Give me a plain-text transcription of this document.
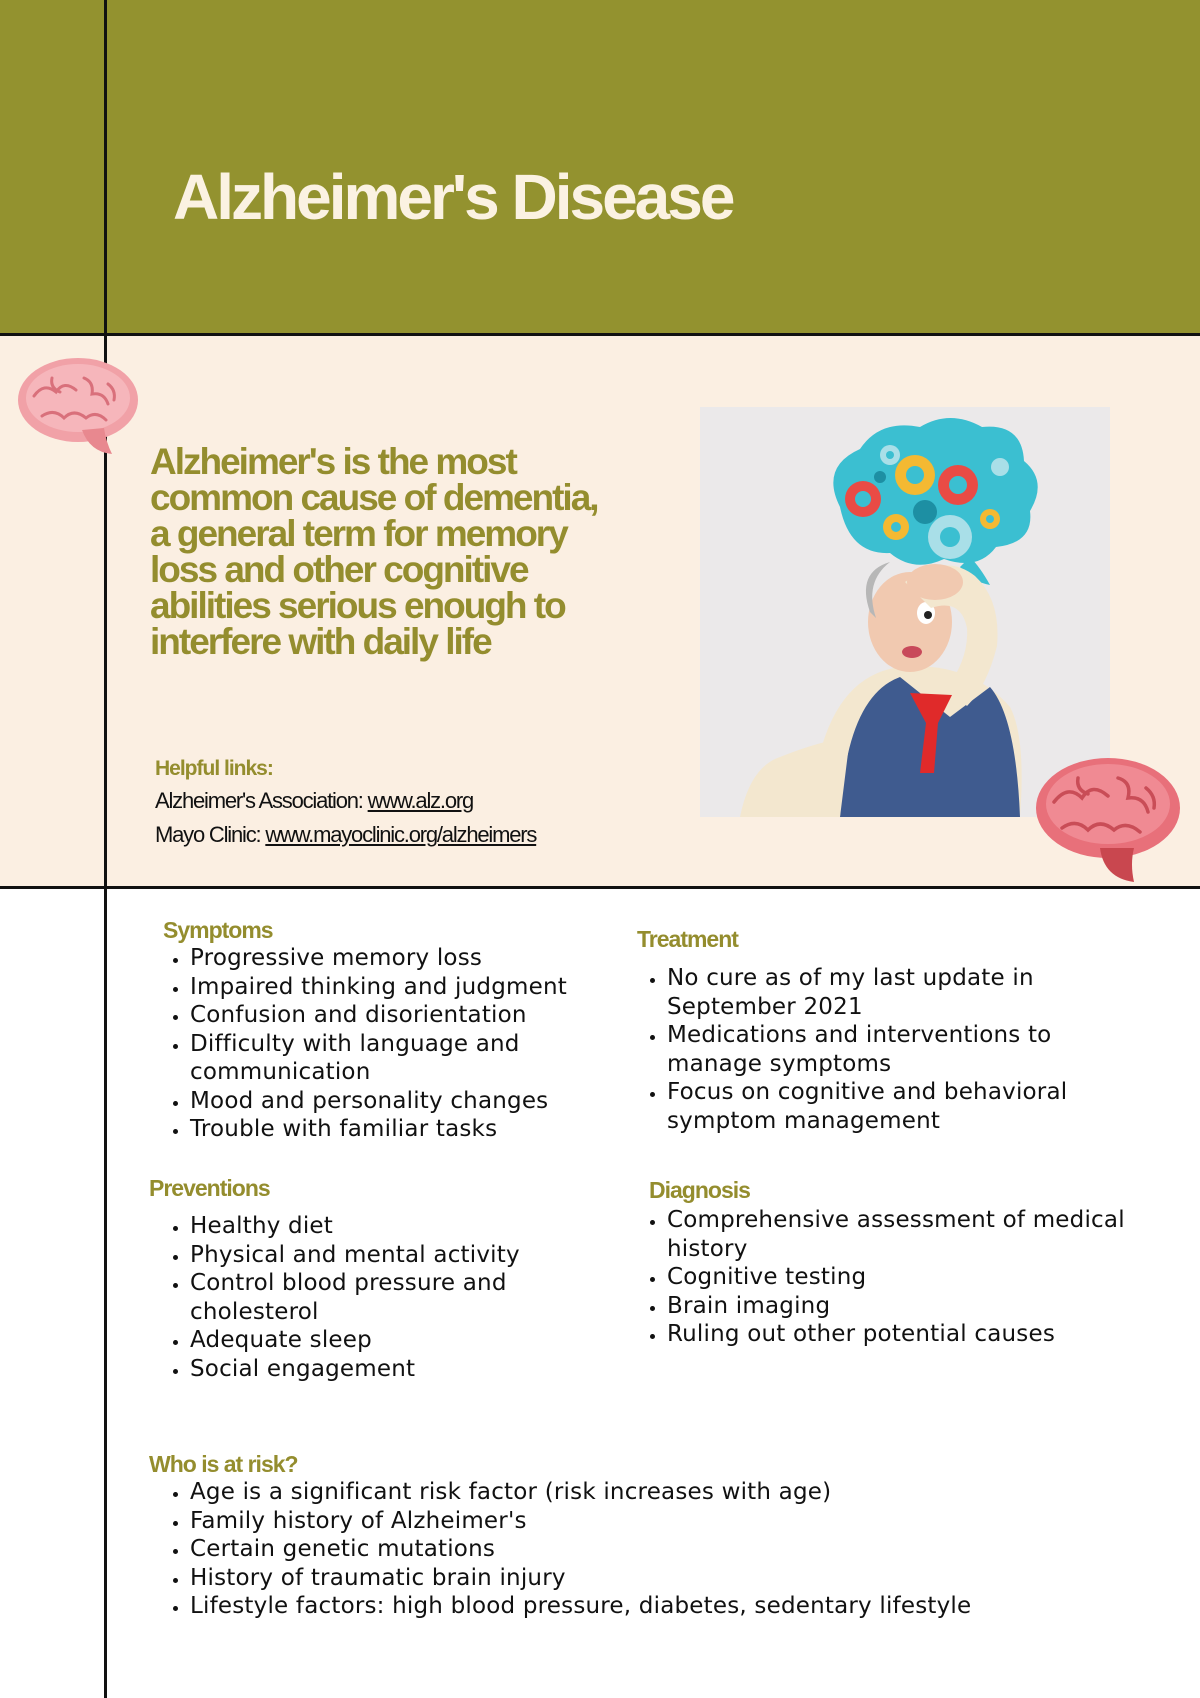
Alzheimer's Disease

Alzheimer's is the most common cause of dementia, a general term for memory loss and other cognitive abilities serious enough to interfere with daily life

Helpful links:

Alzheimer's Association: www.alz.org

Mayo Clinic: www.mayoclinic.org/alzheimers

Symptoms
• Progressive memory loss
• Impaired thinking and judgment
• Confusion and disorientation
• Difficulty with language and communication
• Mood and personality changes
• Trouble with familiar tasks
Treatment
• No cure as of my last update in September 2021
• Medications and interventions to manage symptoms
• Focus on cognitive and behavioral symptom management
Preventions
• Healthy diet
• Physical and mental activity
• Control blood pressure and cholesterol
• Adequate sleep
• Social engagement
Diagnosis
• Comprehensive assessment of medical history
• Cognitive testing
• Brain imaging
• Ruling out other potential causes
Who is at risk?
• Age is a significant risk factor (risk increases with age)
• Family history of Alzheimer's
• Certain genetic mutations
• History of traumatic brain injury
• Lifestyle factors: high blood pressure, diabetes, sedentary lifestyle
